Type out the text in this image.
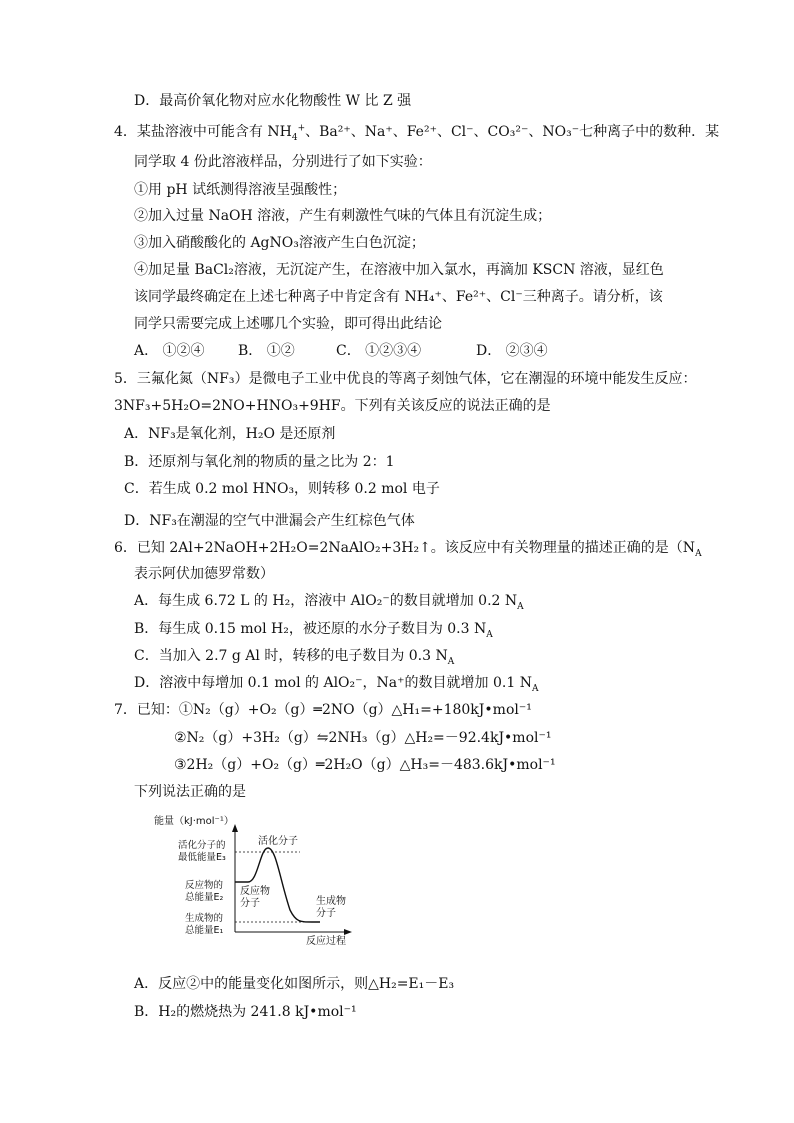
D．最高价氧化物对应水化物酸性 W 比 Z 强
4．某盐溶液中可能含有 $NH_4^+$、Ba²⁺、Na⁺、Fe²⁺、Cl⁻、CO₃²⁻、NO₃⁻七种离子中的数种．某
同学取 4 份此溶液样品，分别进行了如下实验：
①用 pH 试纸测得溶液呈强酸性；
②加入过量 NaOH 溶液，产生有刺激性气味的气体且有沉淀生成；
③加入硝酸酸化的 AgNO₃溶液产生白色沉淀；
④加足量 BaCl₂溶液，无沉淀产生，在溶液中加入氯水，再滴加 KSCN 溶液，显红色
该同学最终确定在上述七种离子中肯定含有 NH₄⁺、Fe²⁺、Cl⁻三种离子。请分析，该
同学只需要完成上述哪几个实验，即可得出此结论
A． ①②④ B． ①②	C． ①②③④	D． ②③④
5．三氟化氮（NF₃）是微电子工业中优良的等离子刻蚀气体，它在潮湿的环境中能发生反应：
3NF₃+5H₂O=2NO+HNO₃+9HF。下列有关该反应的说法正确的是
A．NF₃是氧化剂，H₂O 是还原剂
B．还原剂与氧化剂的物质的量之比为 2：1
C．若生成 0.2 mol HNO₃，则转移 0.2 mol 电子
D．NF₃在潮湿的空气中泄漏会产生红棕色气体
6．已知 2Al+2NaOH+2H₂O=2NaAlO₂+3H₂↑。该反应中有关物理量的描述正确的是（$N_A$
表示阿伏加德罗常数）
A．每生成 6.72 L 的 H₂，溶液中 AlO₂⁻的数目就增加 0.2 $N_A$
B．每生成 0.15 mol H₂，被还原的水分子数目为 0.3 $N_A$
C．当加入 2.7 g Al 时，转移的电子数目为 0.3 $N_A$
D．溶液中每增加 0.1 mol 的 AlO₂⁻，Na⁺的数目就增加 0.1 $N_A$
7．已知：①N₂（g）+O₂（g）═2NO（g）△H₁=+180kJ•mol⁻¹
②N₂（g）+3H₂（g）⇋2NH₃（g）△H₂=－92.4kJ•mol⁻¹
③2H₂（g）+O₂（g）═2H₂O（g）△H₃=－483.6kJ•mol⁻¹
下列说法正确的是
能量（kJ·mol⁻¹）
活化分子的
最低能量E₃
反应物的
总能量E₂
生成物的
总能量E₁
活化分子
反应物
分子	生成物
分子
反应过程
A．反应②中的能量变化如图所示，则△H₂=E₁－E₃
B．H₂的燃烧热为 241.8 kJ•mol⁻¹
